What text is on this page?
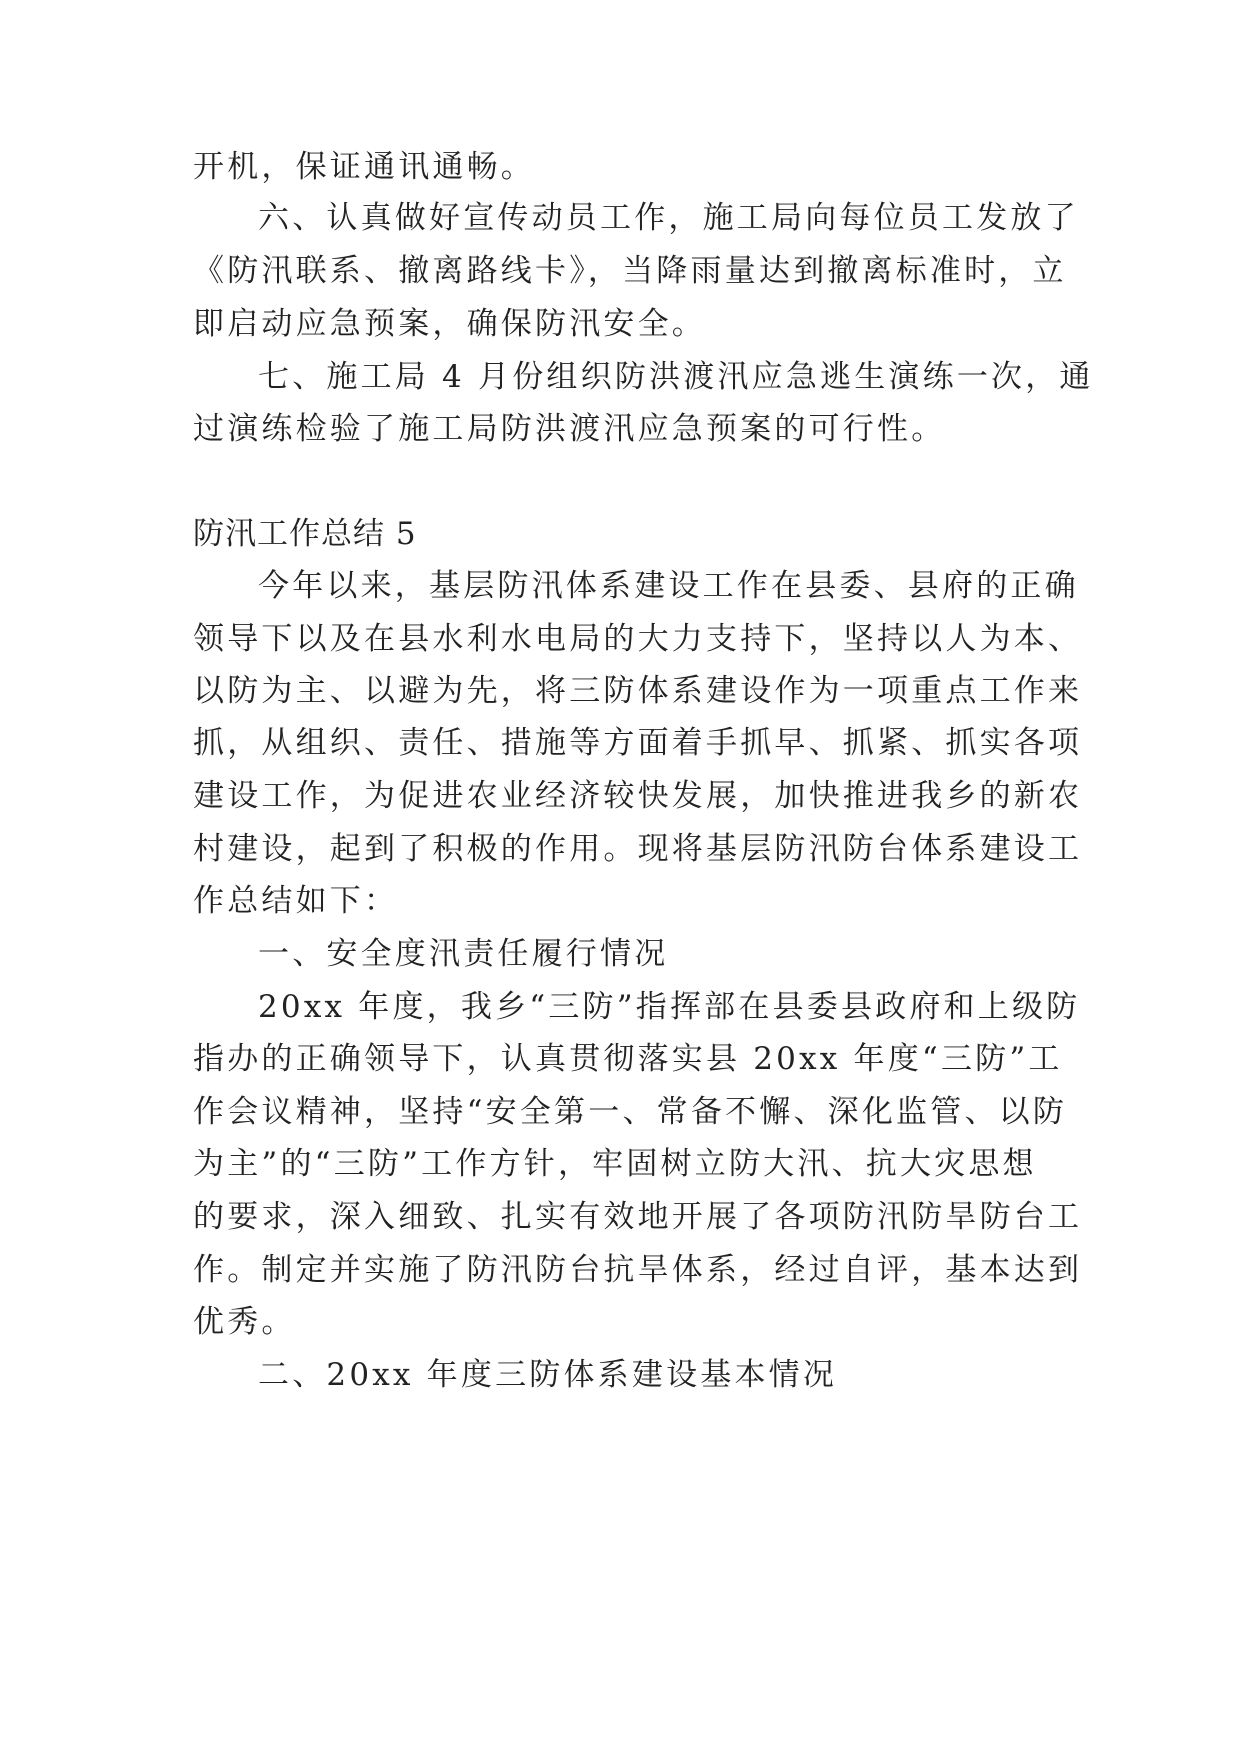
开机，保证通讯通畅。
六、认真做好宣传动员工作，施工局向每位员工发放了
《防汛联系、撤离路线卡》，当降雨量达到撤离标准时，立
即启动应急预案，确保防汛安全。
七、施工局 4 月份组织防洪渡汛应急逃生演练一次，通
过演练检验了施工局防洪渡汛应急预案的可行性。
防汛工作总结 5
今年以来，基层防汛体系建设工作在县委、县府的正确
领导下以及在县水利水电局的大力支持下，坚持以人为本、
以防为主、以避为先，将三防体系建设作为一项重点工作来
抓，从组织、责任、措施等方面着手抓早、抓紧、抓实各项
建设工作，为促进农业经济较快发展，加快推进我乡的新农
村建设，起到了积极的作用。现将基层防汛防台体系建设工
作总结如下：
一、安全度汛责任履行情况
20xx 年度，我乡“三防”指挥部在县委县政府和上级防
指办的正确领导下，认真贯彻落实县 20xx 年度“三防”工
作会议精神，坚持“安全第一、常备不懈、深化监管、以防
为主”的“三防”工作方针，牢固树立防大汛、抗大灾思想
的要求，深入细致、扎实有效地开展了各项防汛防旱防台工
作。制定并实施了防汛防台抗旱体系，经过自评，基本达到
优秀。
二、20xx 年度三防体系建设基本情况
